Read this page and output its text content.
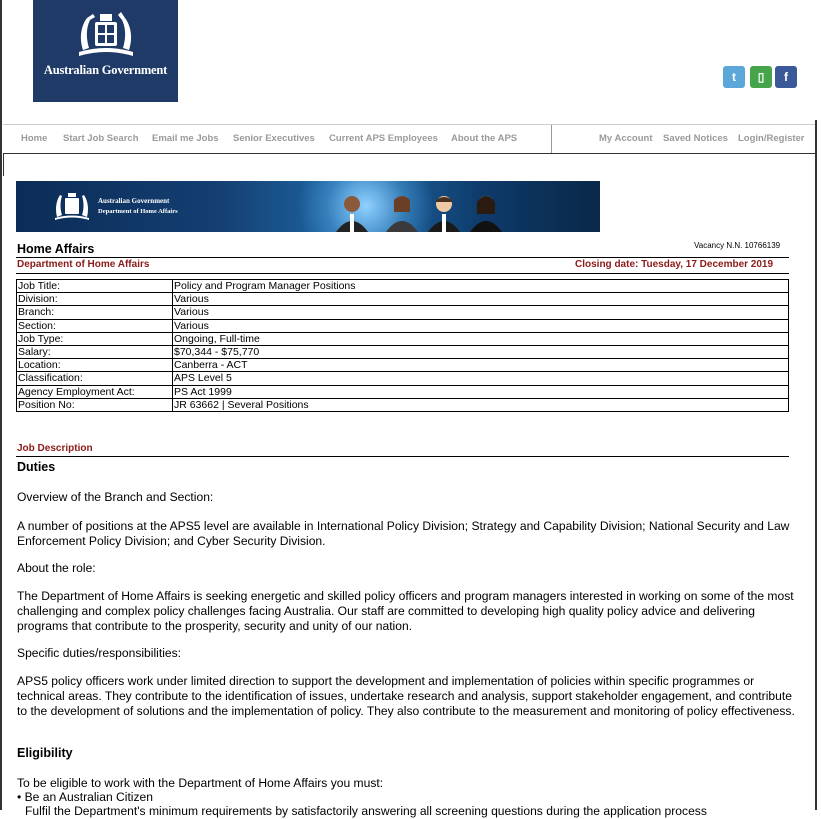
Australian Government	t	▯	f
Home Start Job Search Email me Jobs Senior Executives Current APS Employees About the APS	My Account Saved Notices Login/Register
Australian Government
Department of Home Affairs
Home Affairs	Vacancy N.N. 10766139
Department of Home Affairs	Closing date: Tuesday, 17 December 2019
Job Title:	Policy and Program Manager Positions
Division:	Various
Branch:	Various
Section:	Various
Job Type:	Ongoing, Full-time
Salary:	$70,344 - $75,770
Location:	Canberra - ACT
Classification:	APS Level 5
Agency Employment Act:	PS Act 1999
Position No:	JR 63662 | Several Positions
Job Description
Duties
Overview of the Branch and Section:
A number of positions at the APS5 level are available in International Policy Division; Strategy and Capability Division; National Security and Law Enforcement Policy Division; and Cyber Security Division.
About the role:
The Department of Home Affairs is seeking energetic and skilled policy officers and program managers interested in working on some of the most challenging and complex policy challenges facing Australia. Our staff are committed to developing high quality policy advice and delivering programs that contribute to the prosperity, security and unity of our nation.
Specific duties/responsibilities:
APS5 policy officers work under limited direction to support the development and implementation of policies within specific programmes or technical areas. They contribute to the identification of issues, undertake research and analysis, support stakeholder engagement, and contribute to the development of solutions and the implementation of policy. They also contribute to the measurement and monitoring of policy effectiveness.
Eligibility
To be eligible to work with the Department of Home Affairs you must:
• Be an Australian Citizen
Fulfil the Department's minimum requirements by satisfactorily answering all screening questions during the application process
